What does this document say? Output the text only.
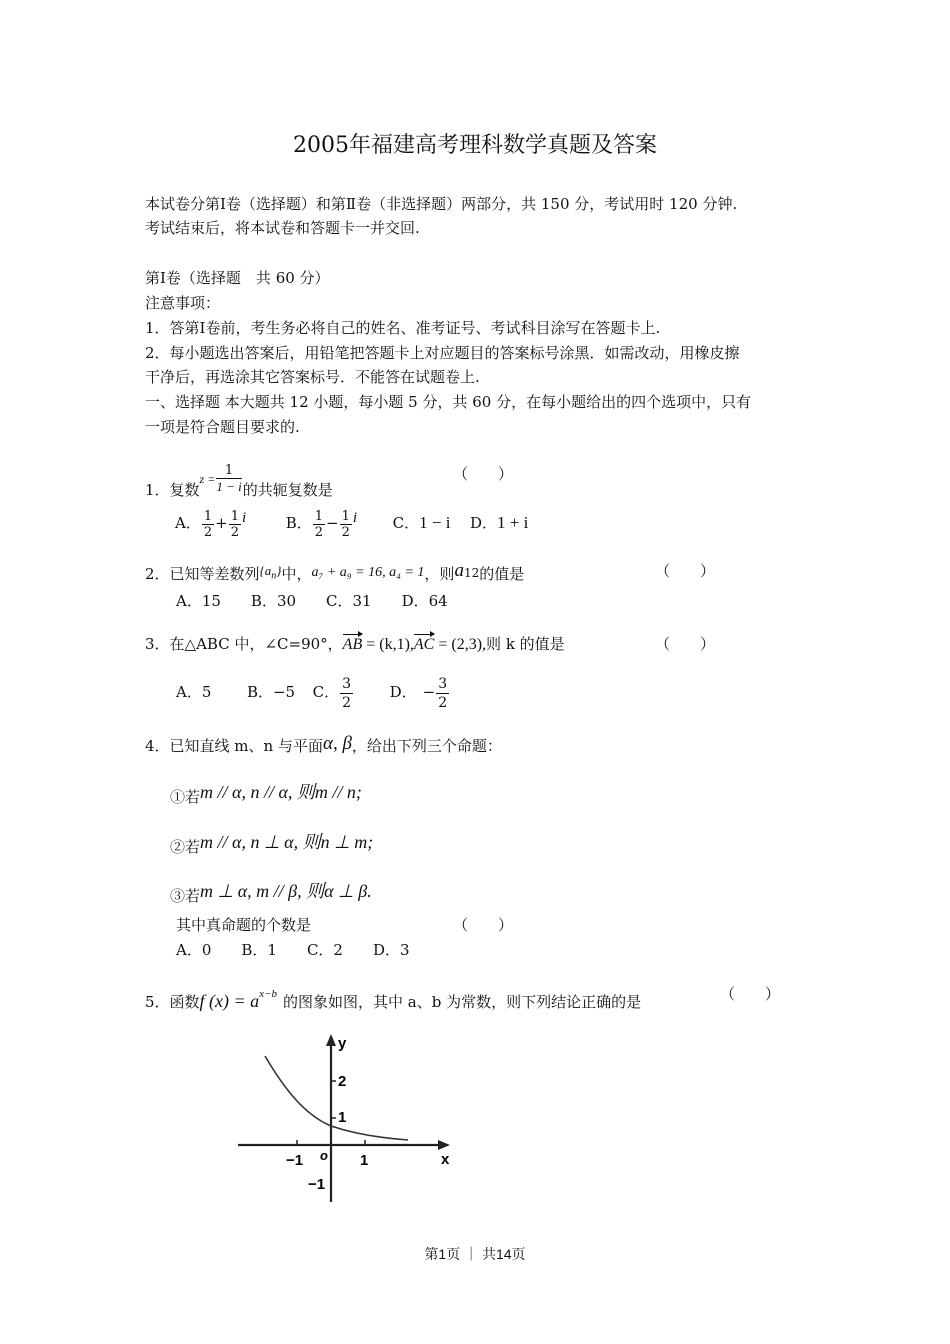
2005年福建高考理科数学真题及答案
本试卷分第Ⅰ卷（选择题）和第Ⅱ卷（非选择题）两部分，共 150 分，考试用时 120 分钟.
考试结束后，将本试卷和答题卡一并交回.
第Ⅰ卷（选择题　共 60 分）
注意事项：
1．答第Ⅰ卷前，考生务必将自己的姓名、准考证号、考试科目涂写在答题卡上.
2．每小题选出答案后，用铅笔把答题卡上对应题目的答案标号涂黑．如需改动，用橡皮擦
干净后，再选涂其它答案标号．不能答在试题卷上.
一、选择题 本大题共 12 小题，每小题 5 分，共 60 分，在每小题给出的四个选项中，只有
一项是符合题目要求的.
1．复数$^{z =} \frac{1}{1 - i}$ 的共轭复数是
（　　）
A． $\frac{1}{2} + \frac{1}{2}$ i	B． $\frac{1}{2} - \frac{1}{2}$ i C．1 − i D．1 + i
2．已知等差数列$\{a_n\}$中，a₇ + a₉ = 16, a₄ = 1，则a12的值是	（　　）
A．15　　B．30　　C．31　　D．64
3．在△ABC 中，∠C=90°，AB = (k,1),AC = (2,3),则 k 的值是	（　　）
A．5 B．−5 C． $\frac{3}{2}$ D． − $\frac{3}{2}$
4．已知直线 m、n 与平面α, β，给出下列三个命题：
①若m // α, n // α, 则m // n;
②若m // α, n ⊥ α, 则n ⊥ m;
③若m ⊥ α, m // β, 则α ⊥ β.
其中真命题的个数是	（　　）
A．0　　B．1　　C．2　　D．3
5．函数f $(x) = a^{x-b}$ 的图象如图，其中 a、b 为常数，则下列结论正确的是	（　　）
y
x
o
2
1
−1
−1	1
第1页 ｜ 共14页
